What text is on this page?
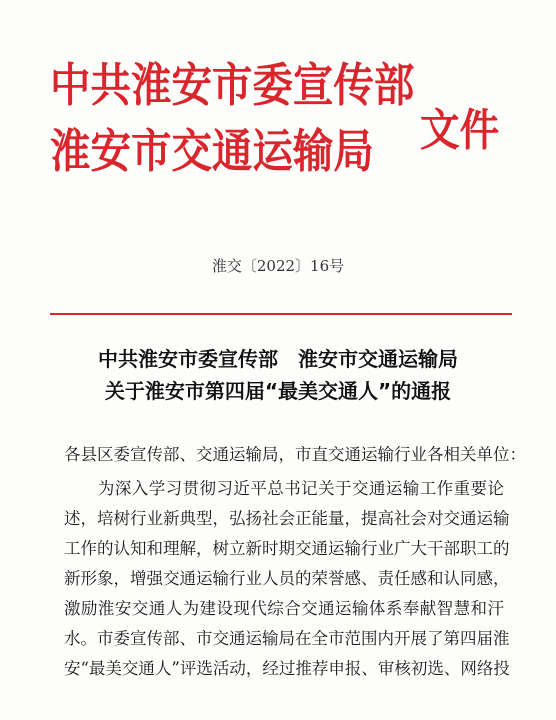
中共淮安市委宣传部
淮安市交通运输局 文件
淮交〔2022〕16号
中共淮安市委宣传部　淮安市交通运输局
关于淮安市第四届“最美交通人”的通报
各县区委宣传部、交通运输局，市直交通运输行业各相关单位：
　　为深入学习贯彻习近平总书记关于交通运输工作重要论
述，培树行业新典型，弘扬社会正能量，提高社会对交通运输
工作的认知和理解，树立新时期交通运输行业广大干部职工的
新形象，增强交通运输行业人员的荣誉感、责任感和认同感，
激励淮安交通人为建设现代综合交通运输体系奉献智慧和汗
水。市委宣传部、市交通运输局在全市范围内开展了第四届淮
安“最美交通人”评选活动，经过推荐申报、审核初选、网络投
